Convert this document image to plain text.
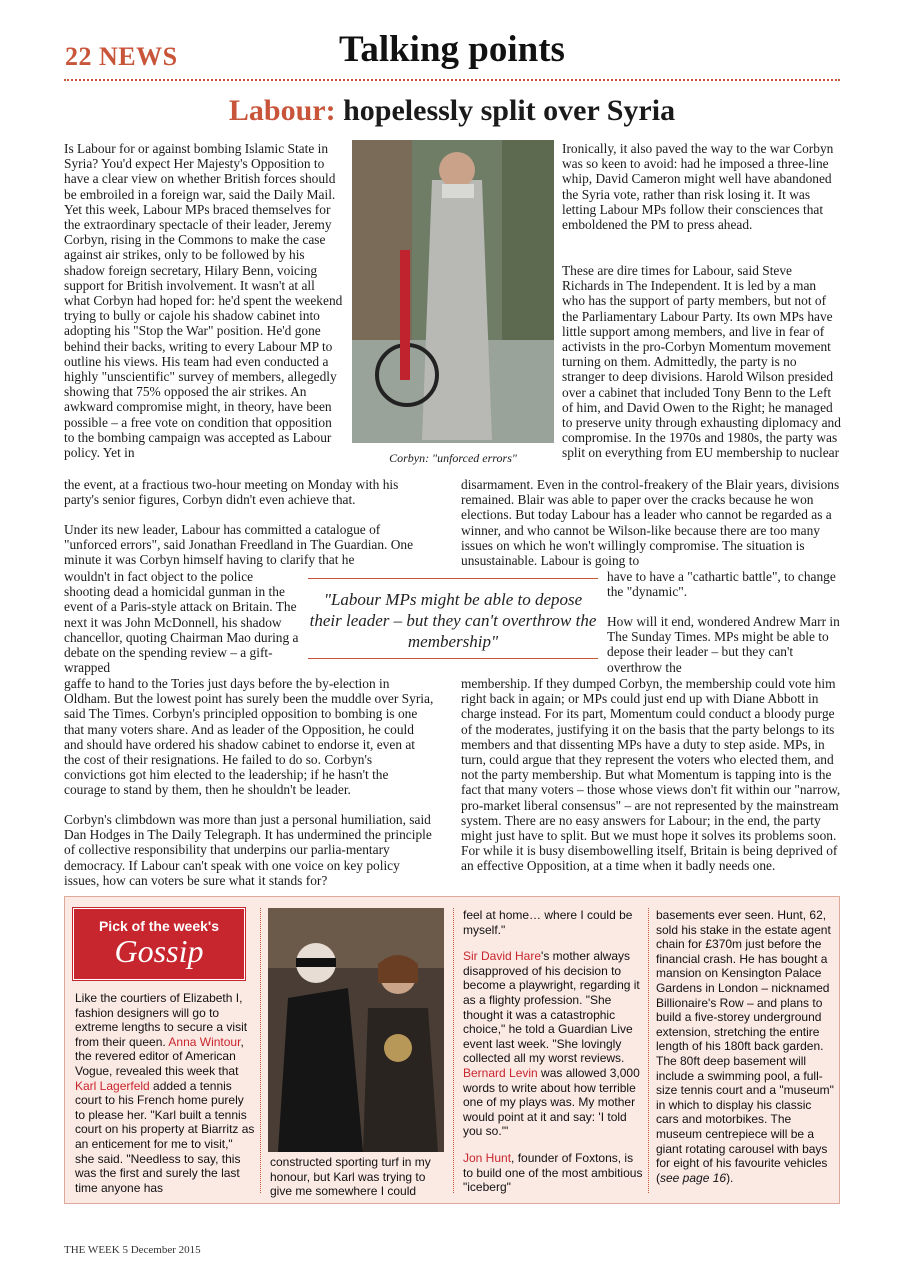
22 NEWS	Talking points
Labour: hopelessly split over Syria

Is Labour for or against bombing Islamic State in Syria? You'd expect Her Majesty's Opposition to have a clear view on whether British forces should be embroiled in a foreign war, said the Daily Mail. Yet this week, Labour MPs braced themselves for the extraordinary spectacle of their leader, Jeremy Corbyn, rising in the Commons to make the case against air strikes, only to be followed by his shadow foreign secretary, Hilary Benn, voicing support for British involvement. It wasn't at all what Corbyn had hoped for: he'd spent the weekend trying to bully or cajole his shadow cabinet into adopting his "Stop the War" position. He'd gone behind their backs, writing to every Labour MP to outline his views. His team had even conducted a highly "unscientific" survey of members, allegedly showing that 75% opposed the air strikes. An awkward compromise might, in theory, have been possible – a free vote on condition that opposition to the bombing campaign was accepted as Labour policy. Yet in	Corbyn: "unforced errors"

the event, at a fractious two-hour meeting on Monday with his party's senior figures, Corbyn didn't even achieve that.

Under its new leader, Labour has committed a catalogue of "unforced errors", said Jonathan Freedland in The Guardian. One minute it was Corbyn himself having to clarify that he

wouldn't in fact object to the police shooting dead a homicidal gunman in the event of a Paris-style attack on Britain. The next it was John McDonnell, his shadow chancellor, quoting Chairman Mao during a debate on the spending review – a gift-wrapped

gaffe to hand to the Tories just days before the by-election in Oldham. But the lowest point has surely been the muddle over Syria, said The Times. Corbyn's principled opposition to bombing is one that many voters share. And as leader of the Opposition, he could and should have ordered his shadow cabinet to endorse it, even at the cost of their resignations. He failed to do so. Corbyn's convictions got him elected to the leadership; if he hasn't the courage to stand by them, then he shouldn't be leader.

Corbyn's climbdown was more than just a personal humiliation, said Dan Hodges in The Daily Telegraph. It has undermined the principle of collective responsibility that underpins our parlia-mentary democracy. If Labour can't speak with one voice on key policy issues, how can voters be sure what it stands for?

Ironically, it also paved the way to the war Corbyn was so keen to avoid: had he imposed a three-line whip, David Cameron might well have abandoned the Syria vote, rather than risk losing it. It was letting Labour MPs follow their consciences that emboldened the PM to press ahead.

These are dire times for Labour, said Steve Richards in The Independent. It is led by a man who has the support of party members, but not of the Parliamentary Labour Party. Its own MPs have little support among members, and live in fear of activists in the pro-Corbyn Momentum movement turning on them. Admittedly, the party is no stranger to deep divisions. Harold Wilson presided over a cabinet that included Tony Benn to the Left of him, and David Owen to the Right; he managed to preserve unity through exhausting diplomacy and compromise. In the 1970s and 1980s, the party was split on everything from EU membership to nuclear

disarmament. Even in the control-freakery of the Blair years, divisions remained. Blair was able to paper over the cracks because he won elections. But today Labour has a leader who cannot be regarded as a winner, and who cannot be Wilson-like because there are too many issues on which he won't willingly compromise. The situation is unsustainable. Labour is going to

have to have a "cathartic battle", to change the "dynamic".

How will it end, wondered Andrew Marr in The Sunday Times. MPs might be able to depose their leader – but they can't overthrow the

membership. If they dumped Corbyn, the membership could vote him right back in again; or MPs could just end up with Diane Abbott in charge instead. For its part, Momentum could conduct a bloody purge of the moderates, justifying it on the basis that the party belongs to its members and that dissenting MPs have a duty to step aside. MPs, in turn, could argue that they represent the voters who elected them, and not the party membership. But what Momentum is tapping into is the fact that many voters – those whose views don't fit within our "narrow, pro-market liberal consensus" – are not represented by the mainstream system. There are no easy answers for Labour; in the end, the party might just have to split. But we must hope it solves its problems soon. For while it is busy disembowelling itself, Britain is being deprived of an effective Opposition, at a time when it badly needs one.

"Labour MPs might be able to depose their leader – but they can't overthrow the membership"
Pick of the week's
Gossip

Like the courtiers of Elizabeth I, fashion designers will go to extreme lengths to secure a visit from their queen. Anna Wintour, the revered editor of American Vogue, revealed this week that Karl Lagerfeld added a tennis court to his French home purely to please her. "Karl built a tennis court on his property at Biarritz as an enticement for me to visit," she said. "Needless to say, this was the first and surely the last time anyone has

constructed sporting turf in my honour, but Karl was trying to give me somewhere I could

feel at home… where I could be myself."

Sir David Hare's mother always disapproved of his decision to become a playwright, regarding it as a flighty profession. "She thought it was a catastrophic choice," he told a Guardian Live event last week. "She lovingly collected all my worst reviews. Bernard Levin was allowed 3,000 words to write about how terrible one of my plays was. My mother would point at it and say: 'I told you so.'"

Jon Hunt, founder of Foxtons, is to build one of the most ambitious "iceberg"

basements ever seen. Hunt, 62, sold his stake in the estate agent chain for £370m just before the financial crash. He has bought a mansion on Kensington Palace Gardens in London – nicknamed Billionaire's Row – and plans to build a five-storey underground extension, stretching the entire length of his 180ft back garden. The 80ft deep basement will include a swimming pool, a full-size tennis court and a "museum" in which to display his classic cars and motorbikes. The museum centrepiece will be a giant rotating carousel with bays for eight of his favourite vehicles (see page 16).

THE WEEK 5 December 2015
